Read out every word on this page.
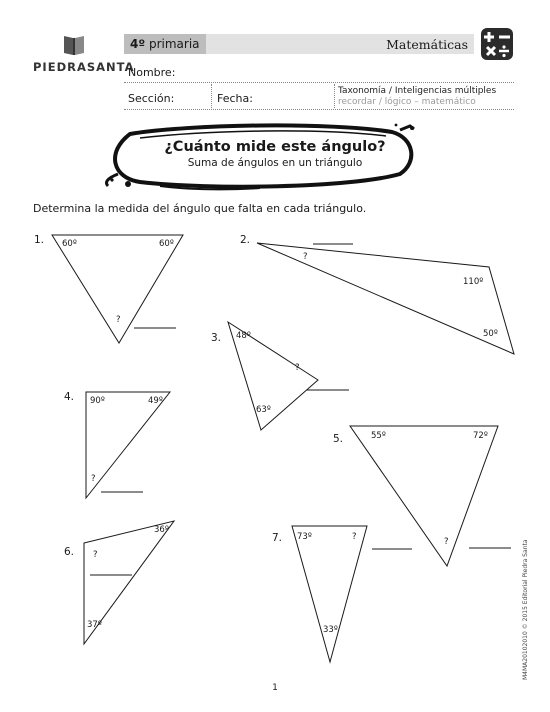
PIEDRASANTA
4º primaria	Matemáticas
Nombre:
Sección:	Fecha:
Taxonomía / Inteligencias múltiples
recordar / lógico – matemático
¿Cuánto mide este ángulo?
Suma de ángulos en un triángulo
Determina la medida del ángulo que falta en cada triángulo.
1. 60º	60º
?
2.
?
110º
50º
3. 48º
?
63º
4. 90º	49º
?
5.	55º	72º
?
6. ?
36º
37º
7. 73º	?
33º
1
M4MA20102010 © 2015 Editorial Piedra Santa
